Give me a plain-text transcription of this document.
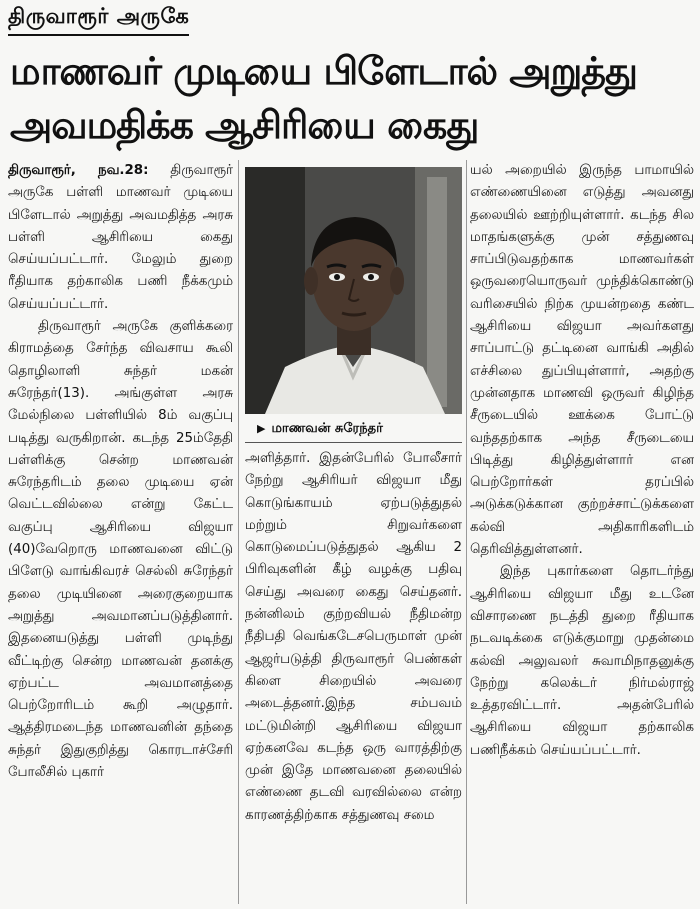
திருவாரூர் அருகே
மாணவர் முடியை பிளேடால் அறுத்து
அவமதிக்க ஆசிரியை கைது

திருவாரூர், நவ.28: திருவாரூர் அருகே பள்ளி மாணவர் முடியை பிளேடால் அறுத்து அவமதித்த அரசு பள்ளி ஆசிரியை கைது செய்யப்பட்டார். மேலும் துறை ரீதியாக தற்காலிக பணி நீக்கமும் செய்யப்பட்டார்.

திருவாரூர் அருகே குளிக்கரை கிராமத்தை சேர்ந்த விவசாய கூலி தொழிலாளி சுந்தர் மகன் சுரேந்தர்(13). அங்குள்ள அரசு மேல்நிலை பள்ளியில் 8ம் வகுப்பு படித்து வருகிறான். கடந்த 25ம்தேதி பள்ளிக்கு சென்ற மாணவன் சுரேந்தரிடம் தலை முடியை ஏன் வெட்டவில்லை என்று கேட்ட வகுப்பு ஆசிரியை விஜயா (40)வேறொரு மாணவனை விட்டு பிளேடு வாங்கிவரச் செல்லி சுரேந்தர் தலை முடியினை அரைகுறையாக அறுத்து அவமானப்படுத்தினார். இதனையடுத்து பள்ளி முடிந்து வீட்டிற்கு சென்ற மாணவன் தனக்கு ஏற்பட்ட அவமானத்தை பெற்றோரிடம் கூறி அழுதார். ஆத்திரமடைந்த மாணவனின் தந்தை சுந்தர் இதுகுறித்து கொரடாச்சேரி போலீசில் புகார்

▶ மாணவன் சுரேந்தர்

அளித்தார். இதன்பேரில் போலீசார் நேற்று ஆசிரியர் விஜயா மீது கொடுங்காயம் ஏற்படுத்துதல் மற்றும் சிறுவர்களை கொடுமைப்படுத்துதல் ஆகிய 2 பிரிவுகளின் கீழ் வழக்கு பதிவு செய்து அவரை கைது செய்தனர். நன்னிலம் குற்றவியல் நீதிமன்ற நீதிபதி வெங்கடேசபெருமாள் முன் ஆஜர்படுத்தி திருவாரூர் பெண்கள் கிளை சிறையில் அவரை அடைத்தனர்.இந்த சம்பவம் மட்டுமின்றி ஆசிரியை விஜயா ஏற்கனவே கடந்த ஒரு வாரத்திற்கு முன் இதே மாணவனை தலையில் எண்ணை தடவி வரவில்லை என்ற காரணத்திற்காக சத்துணவு சமை

யல் அறையில் இருந்த பாமாயில் எண்ணையினை எடுத்து அவனது தலையில் ஊற்றியுள்ளார். கடந்த சில மாதங்களுக்கு முன் சத்துணவு சாப்பிடுவதற்காக மாணவர்கள் ஒருவரையொருவர் முந்திக்கொண்டு வரிசையில் நிற்க முயன்றதை கண்ட ஆசிரியை விஜயா அவர்களது சாப்பாட்டு தட்டினை வாங்கி அதில் எச்சிலை துப்பியுள்ளார், அதற்கு முன்னதாக மாணவி ஒருவர் கிழிந்த சீருடையில் ஊக்கை போட்டு வந்ததற்காக அந்த சீருடையை பிடித்து கிழித்துள்ளார் என பெற்றோர்கள் தரப்பில் அடுக்கடுக்கான குற்றச்சாட்டுக்களை கல்வி அதிகாரிகளிடம் தெரிவித்துள்ளனர்.

இந்த புகார்களை தொடர்ந்து ஆசிரியை விஜயா மீது உடனே விசாரணை நடத்தி துறை ரீதியாக நடவடிக்கை எடுக்குமாறு முதன்மை கல்வி அலுவலர் சுவாமிநாதனுக்கு நேற்று கலெக்டர் நிர்மல்ராஜ் உத்தரவிட்டார். அதன்பேரில் ஆசிரியை விஜயா தற்காலிக பணிநீக்கம் செய்யப்பட்டார்.
